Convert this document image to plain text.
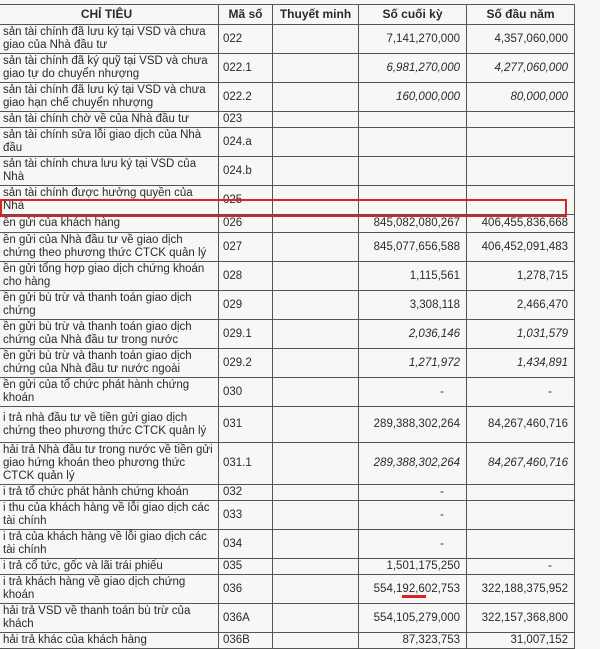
CHỈ TIÊU	Mã số	Thuyết minh	Số cuối kỳ	Số đầu năm
sản tài chính đã lưu ký tại VSD và chưa giao của Nhà đầu tư	022		7,141,270,000	4,357,060,000
sản tài chính đã ký quỹ tại VSD và chưa giao tự do chuyển nhượng	022.1		6,981,270,000	4,277,060,000
sản tài chính đã lưu ký tại VSD và chưa giao hạn chế chuyển nhượng	022.2		160,000,000	80,000,000
sản tài chính chờ về của Nhà đầu tư	023			
sản tài chính sửa lỗi giao dịch của Nhà đầu	024.a			
sản tài chính chưa lưu ký tại VSD của Nhà	024.b			
sản tài chính được hưởng quyền của Nhà	025			
ền gửi của khách hàng	026		845,082,080,267	406,455,836,668
ền gửi của Nhà đầu tư về giao dịch chứng theo phương thức CTCK quản lý	027		845,077,656,588	406,452,091,483
ền gửi tổng hợp giao dịch chứng khoán cho hàng	028		1,115,561	1,278,715
ền gửi bù trừ và thanh toán giao dịch chứng	029		3,308,118	2,466,470
ền gửi bù trừ và thanh toán giao dịch chứng của Nhà đầu tư trong nước	029.1		2,036,146	1,031,579
ền gửi bù trừ và thanh toán giao dịch chứng của Nhà đầu tư nước ngoài	029.2		1,271,972	1,434,891
ền gửi của tổ chức phát hành chứng khoán	030		-	-
i trả nhà đầu tư về tiền gửi giao dịch chứng theo phương thức CTCK quản lý	031		289,388,302,264	84,267,460,716
hải trả Nhà đầu tư trong nước về tiền gửi giao hứng khoán theo phương thức CTCK quản lý	031.1		289,388,302,264	84,267,460,716
i trả tổ chức phát hành chứng khoán	032		-	
i thu của khách hàng về lỗi giao dịch các tài chính	033		-	
i trả của khách hàng về lỗi giao dịch các tài chính	034		-	
i trả cổ tức, gốc và lãi trái phiếu	035		1,501,175,250	-
i trả khách hàng về giao dịch chứng khoán	036		554,192,602,753	322,188,375,952
hải trả VSD về thanh toán bù trừ của khách	036A		554,105,279,000	322,157,368,800
hải trả khác của khách hàng	036B		87,323,753	31,007,152
